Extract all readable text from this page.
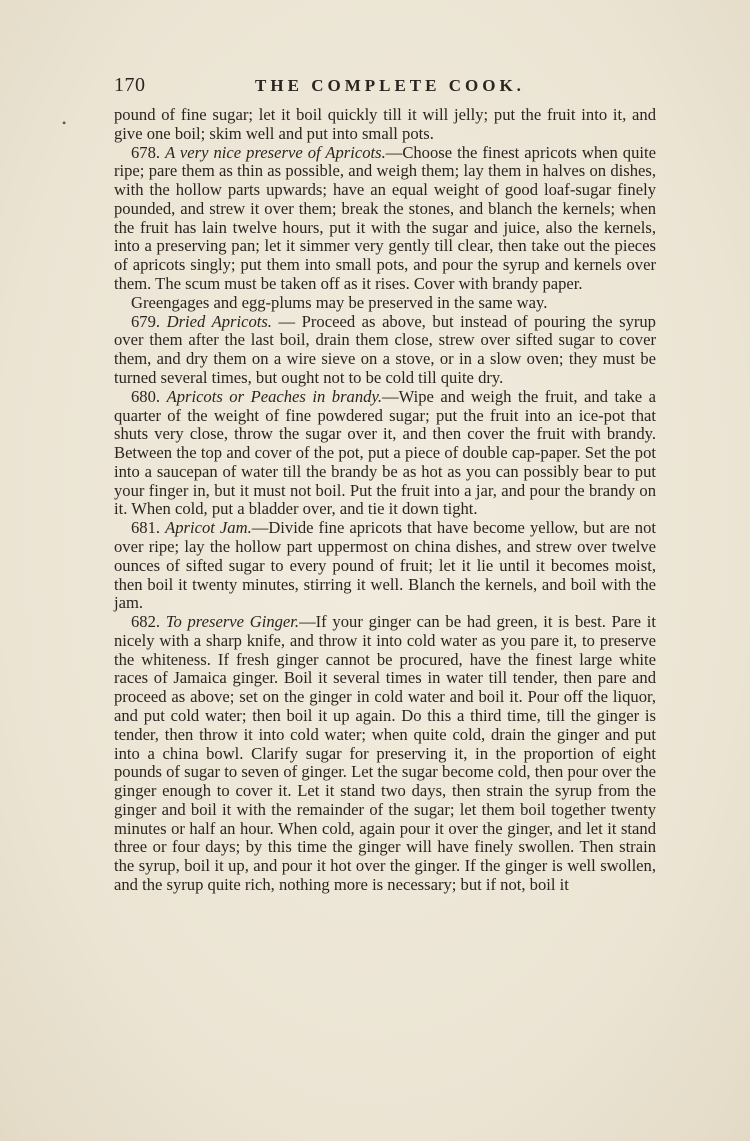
170	THE COMPLETE COOK.
•	pound of fine sugar; let it boil quickly till it will jelly; put the fruit into it, and give one boil; skim well and put into small pots.

678. A very nice preserve of Apricots.—Choose the finest apricots when quite ripe; pare them as thin as possible, and weigh them; lay them in halves on dishes, with the hollow parts upwards; have an equal weight of good loaf-sugar finely pounded, and strew it over them; break the stones, and blanch the kernels; when the fruit has lain twelve hours, put it with the sugar and juice, also the kernels, into a preserving pan; let it simmer very gently till clear, then take out the pieces of apricots singly; put them into small pots, and pour the syrup and kernels over them. The scum must be taken off as it rises. Cover with brandy paper.

Greengages and egg-plums may be preserved in the same way.

679. Dried Apricots. — Proceed as above, but instead of pouring the syrup over them after the last boil, drain them close, strew over sifted sugar to cover them, and dry them on a wire sieve on a stove, or in a slow oven; they must be turned several times, but ought not to be cold till quite dry.

680. Apricots or Peaches in brandy.—Wipe and weigh the fruit, and take a quarter of the weight of fine powdered sugar; put the fruit into an ice-pot that shuts very close, throw the sugar over it, and then cover the fruit with brandy. Between the top and cover of the pot, put a piece of double cap-paper. Set the pot into a saucepan of water till the brandy be as hot as you can possibly bear to put your finger in, but it must not boil. Put the fruit into a jar, and pour the brandy on it. When cold, put a bladder over, and tie it down tight.

681. Apricot Jam.—Divide fine apricots that have become yellow, but are not over ripe; lay the hollow part uppermost on china dishes, and strew over twelve ounces of sifted sugar to every pound of fruit; let it lie until it becomes moist, then boil it twenty minutes, stirring it well. Blanch the kernels, and boil with the jam.

682. To preserve Ginger.—If your ginger can be had green, it is best. Pare it nicely with a sharp knife, and throw it into cold water as you pare it, to preserve the whiteness. If fresh ginger cannot be procured, have the finest large white races of Jamaica ginger. Boil it several times in water till tender, then pare and proceed as above; set on the ginger in cold water and boil it. Pour off the liquor, and put cold water; then boil it up again. Do this a third time, till the ginger is tender, then throw it into cold water; when quite cold, drain the ginger and put into a china bowl. Clarify sugar for preserving it, in the proportion of eight pounds of sugar to seven of ginger. Let the sugar become cold, then pour over the ginger enough to cover it. Let it stand two days, then strain the syrup from the ginger and boil it with the remainder of the sugar; let them boil together twenty minutes or half an hour. When cold, again pour it over the ginger, and let it stand three or four days; by this time the ginger will have finely swollen. Then strain the syrup, boil it up, and pour it hot over the ginger. If the ginger is well swollen, and the syrup quite rich, nothing more is necessary; but if not, boil it
